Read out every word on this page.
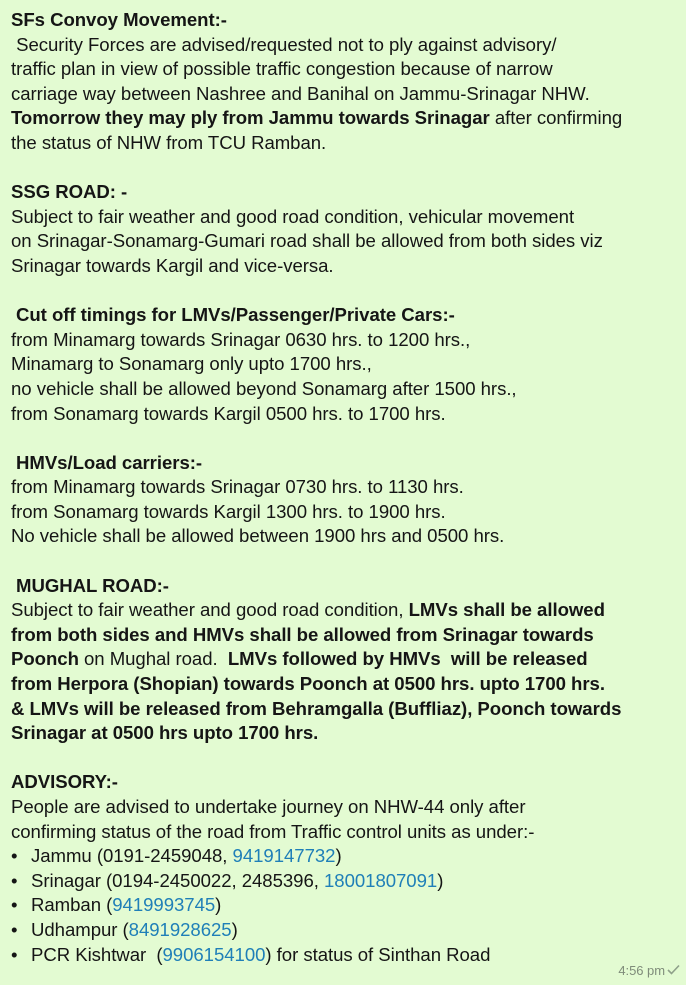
SFs Convoy Movement:-
Security Forces are advised/requested not to ply against advisory/
traffic plan in view of possible traffic congestion because of narrow
carriage way between Nashree and Banihal on Jammu-Srinagar NHW.
Tomorrow they may ply from Jammu towards Srinagar after confirming
the status of NHW from TCU Ramban.
SSG ROAD: -
Subject to fair weather and good road condition, vehicular movement
on Srinagar-Sonamarg-Gumari road shall be allowed from both sides viz
Srinagar towards Kargil and vice-versa.
Cut off timings for LMVs/Passenger/Private Cars:-
from Minamarg towards Srinagar 0630 hrs. to 1200 hrs.,
Minamarg to Sonamarg only upto 1700 hrs.,
no vehicle shall be allowed beyond Sonamarg after 1500 hrs.,
from Sonamarg towards Kargil 0500 hrs. to 1700 hrs.
HMVs/Load carriers:-
from Minamarg towards Srinagar 0730 hrs. to 1130 hrs.
from Sonamarg towards Kargil 1300 hrs. to 1900 hrs.
No vehicle shall be allowed between 1900 hrs and 0500 hrs.
MUGHAL ROAD:-
Subject to fair weather and good road condition, LMVs shall be allowed
from both sides and HMVs shall be allowed from Srinagar towards
Poonch on Mughal road.  LMVs followed by HMVs  will be released
from Herpora (Shopian) towards Poonch at 0500 hrs. upto 1700 hrs.
& LMVs will be released from Behramgalla (Buffliaz), Poonch towards
Srinagar at 0500 hrs upto 1700 hrs.
ADVISORY:-
People are advised to undertake journey on NHW-44 only after
confirming status of the road from Traffic control units as under:-
• Jammu (0191-2459048, 9419147732)
• Srinagar (0194-2450022, 2485396, 18001807091)
• Ramban (9419993745)
• Udhampur (8491928625)
• PCR Kishtwar  (9906154100) for status of Sinthan Road
4:56 pm
